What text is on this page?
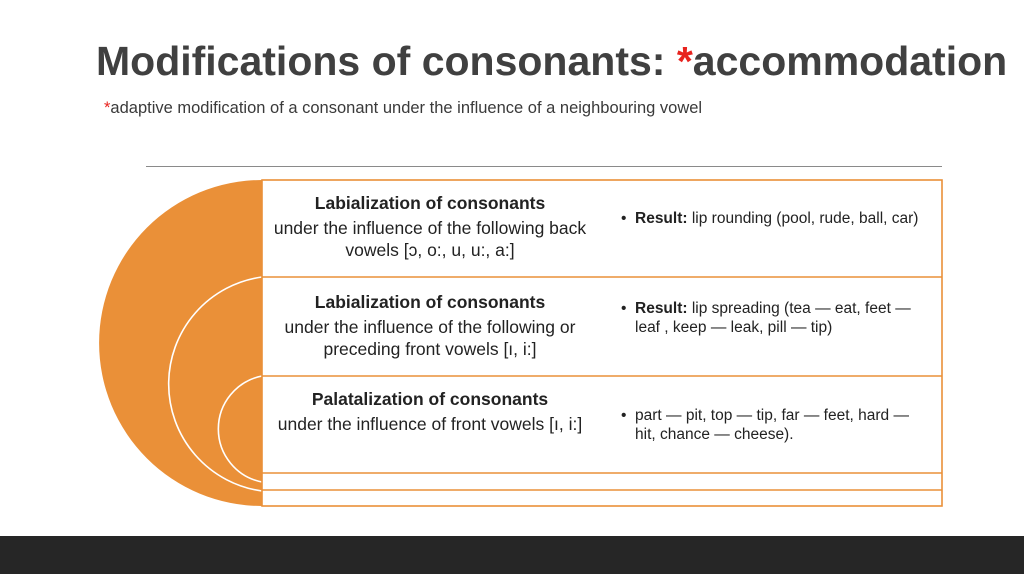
Modifications of consonants: *accommodation
*adaptive modification of a consonant under the influence of a neighbouring vowel
Labialization of consonants
under the influence of the following back vowels [ɔ, o:, u, u:, a:]
• Result: lip rounding (pool, rude, ball, car)
Labialization of consonants
under the influence of the following or preceding front vowels [ı, i:]
• Result: lip spreading (tea — eat, feet — leaf , keep — leak, pill — tip)
Palatalization of consonants
under the influence of front vowels [ı, i:]
•	part — pit, top — tip, far — feet, hard — hit, chance — cheese).
